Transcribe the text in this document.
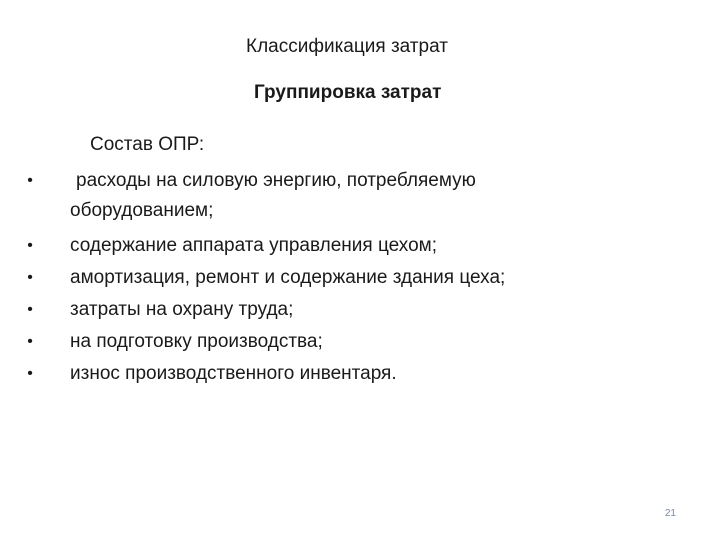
Классификация затрат
Группировка затрат
Состав ОПР:
• расходы на силовую энергию, потребляемую оборудованием;
• содержание аппарата управления цехом;
• амортизация, ремонт и содержание здания цеха;
• затраты на охрану труда;
• на подготовку производства;
• износ производственного инвентаря.
21
